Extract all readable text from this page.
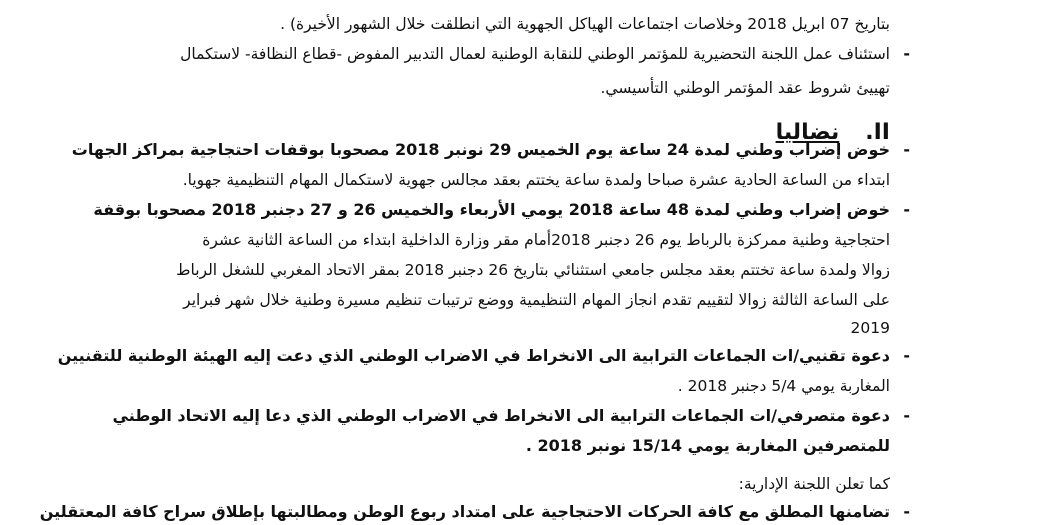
بتاريخ 07 ابريل 2018 وخلاصات اجتماعات الهياكل الجهوية التي انطلقت خلال الشهور الأخيرة) .
-
استئناف عمل اللجنة التحضيرية للمؤتمر الوطني للنقابة الوطنية لعمال التدبير المفوض -قطاع النظافة- لاستكمال
تهييئ شروط عقد المؤتمر الوطني التأسيسي.
II.نضاليا
-
خوض إضراب وطني لمدة 24 ساعة يوم الخميس 29 نونبر 2018 مصحوبا بوقفات احتجاجية بمراكز الجهات
ابتداء من الساعة الحادية عشرة صباحا ولمدة ساعة يختتم بعقد مجالس جهوية لاستكمال المهام التنظيمية جهويا.
-
خوض إضراب وطني لمدة 48 ساعة 2018 يومي الأربعاء والخميس 26 و 27 دجنبر 2018 مصحوبا بوقفة
احتجاجية وطنية ممركزة بالرباط يوم 26 دجنبر 2018أمام مقر وزارة الداخلية ابتداء من الساعة الثانية عشرة
زوالا ولمدة ساعة تختتم بعقد مجلس جامعي استثنائي بتاريخ 26 دجنبر 2018 بمقر الاتحاد المغربي للشغل الرباط
على الساعة الثالثة زوالا لتقييم تقدم انجاز المهام التنظيمية ووضع ترتيبات تنظيم مسيرة وطنية خلال شهر فبراير
2019
-
دعوة تقنيي/ات الجماعات الترابية الى الانخراط في الاضراب الوطني الذي دعت إليه الهيئة الوطنية للتقنيين
المغاربة يومي 5/4 دجنبر 2018 .
-
دعوة متصرفي/ات الجماعات الترابية الى الانخراط في الاضراب الوطني الذي دعا إليه الاتحاد الوطني
للمتصرفين المغاربة يومي 15/14 نونبر 2018 .
كما تعلن اللجنة الإدارية:
-
تضامنها المطلق مع كافة الحركات الاحتجاجية على امتداد ربوع الوطن ومطالبتها بإطلاق سراح كافة المعتقلين
